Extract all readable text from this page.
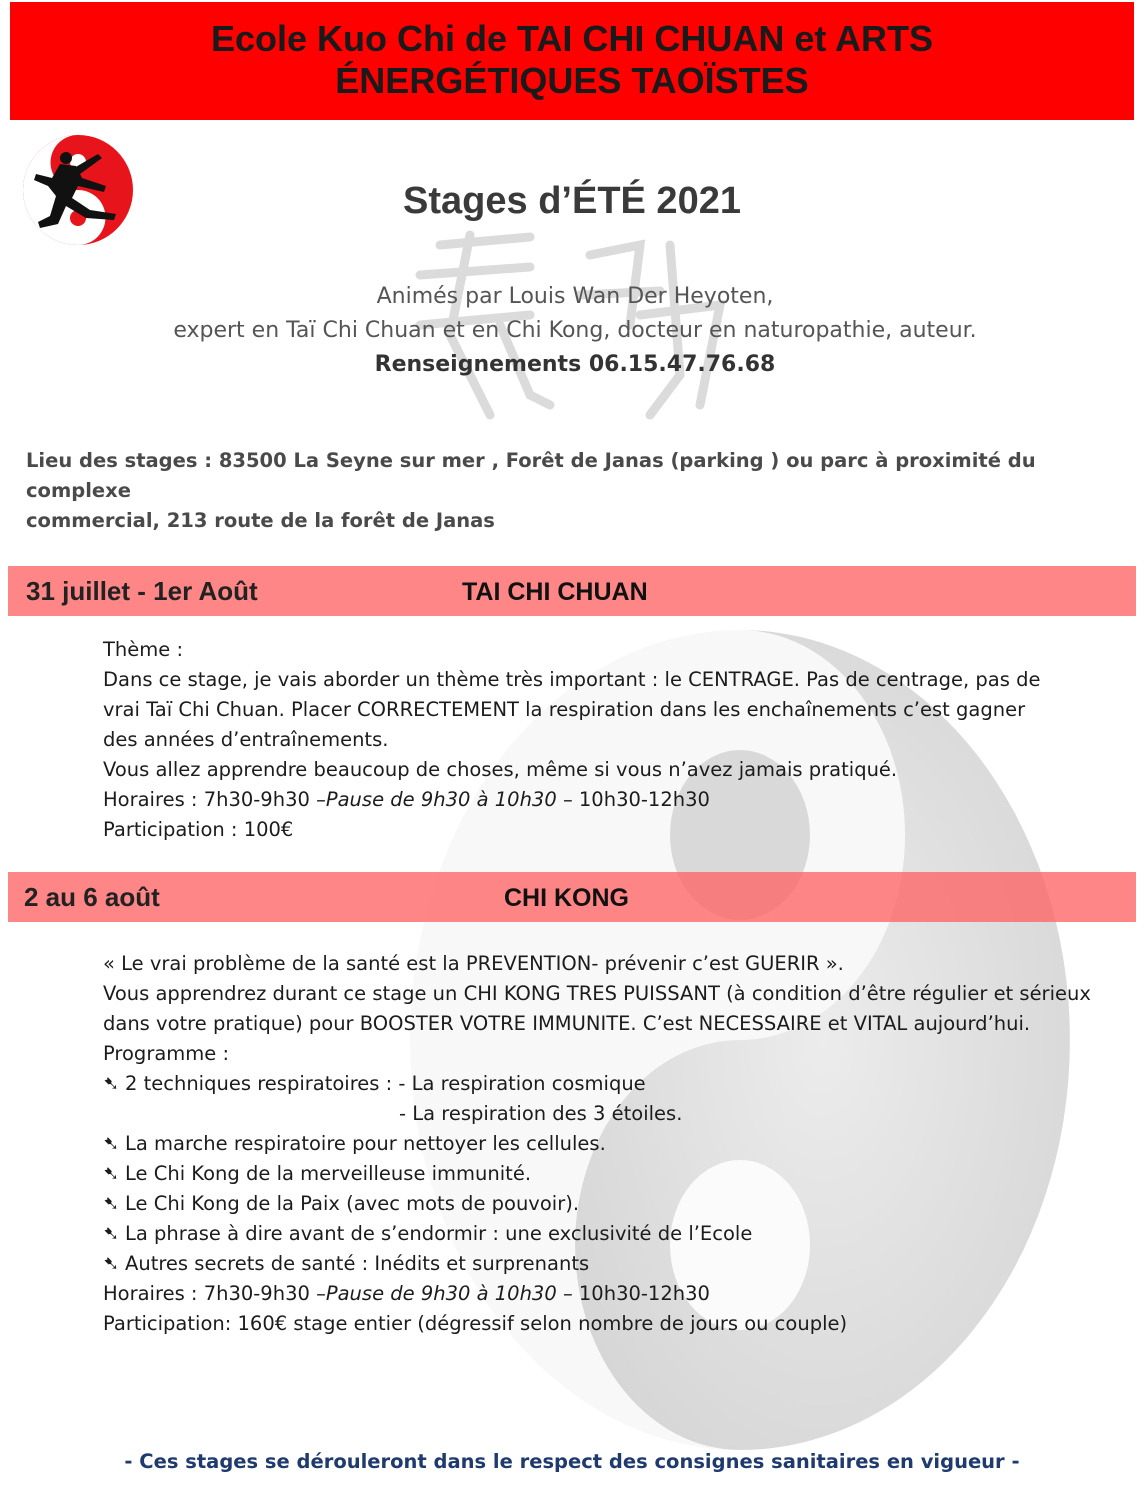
Ecole Kuo Chi de TAI CHI CHUAN et ARTS
ÉNERGÉTIQUES TAOÏSTES
Stages d’ÉTÉ 2021
Animés par Louis Wan Der Heyoten,
expert en Taï Chi Chuan et en Chi Kong, docteur en naturopathie, auteur.
Renseignements 06.15.47.76.68
Lieu des stages : 83500 La Seyne sur mer , Forêt de Janas (parking ) ou parc à proximité du complexe
commercial, 213 route de la forêt de Janas
31 juillet - 1er Août	TAI CHI CHUAN
Thème :
Dans ce stage, je vais aborder un thème très important : le CENTRAGE. Pas de centrage, pas de
vrai Taï Chi Chuan. Placer CORRECTEMENT la respiration dans les enchaînements c’est gagner
des années d’entraînements.
Vous allez apprendre beaucoup de choses, même si vous n’avez jamais pratiqué.
Horaires : 7h30-9h30 –Pause de 9h30 à 10h30 – 10h30-12h30
Participation : 100€
2 au 6 août	CHI KONG
« Le vrai problème de la santé est la PREVENTION- prévenir c’est GUERIR ».
Vous apprendrez durant ce stage un CHI KONG TRES PUISSANT (à condition d’être régulier et sérieux
dans votre pratique) pour BOOSTER VOTRE IMMUNITE. C’est NECESSAIRE et VITAL aujourd’hui.
Programme :
➷ 2 techniques respiratoires : - La respiration cosmique
- La respiration des 3 étoiles.
➷ La marche respiratoire pour nettoyer les cellules.
➷ Le Chi Kong de la merveilleuse immunité.
➷ Le Chi Kong de la Paix (avec mots de pouvoir).
➷ La phrase à dire avant de s’endormir : une exclusivité de l’Ecole
➷ Autres secrets de santé : Inédits et surprenants
Horaires : 7h30-9h30 –Pause de 9h30 à 10h30 – 10h30-12h30
Participation: 160€ stage entier (dégressif selon nombre de jours ou couple)
- Ces stages se dérouleront dans le respect des consignes sanitaires en vigueur -
